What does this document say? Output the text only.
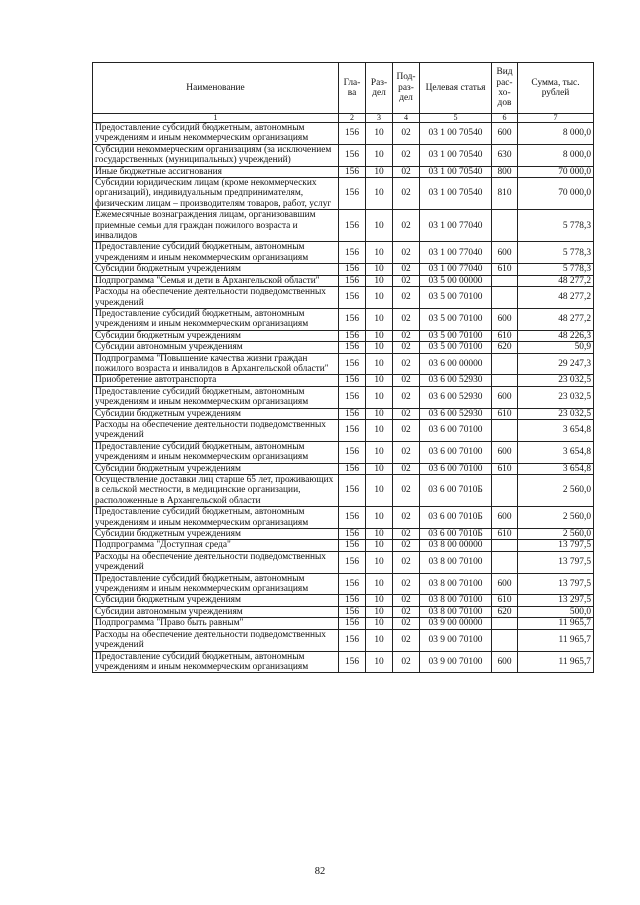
Наименование	Гла-ва	Раз-дел	Под-раз-дел	Целевая статья	Вид рас-хо-дов	Сумма, тыс. рублей
1	2	3	4	5	6	7
Предоставление субсидий бюджетным, автономным учреждениям и иным некоммерческим организациям	156	10	02	03 1 00 70540	600	8 000,0
Субсидии некоммерческим организациям (за исключением государственных (муниципальных) учреждений)	156	10	02	03 1 00 70540	630	8 000,0
Иные бюджетные ассигнования	156	10	02	03 1 00 70540	800	70 000,0
Субсидии юридическим лицам (кроме некоммерческих организаций), индивидуальным предпринимателям, физическим лицам – производителям товаров, работ, услуг	156	10	02	03 1 00 70540	810	70 000,0
Ежемесячные вознаграждения лицам, организовавшим приемные семьи для граждан пожилого возраста и инвалидов	156	10	02	03 1 00 77040		5 778,3
Предоставление субсидий бюджетным, автономным учреждениям и иным некоммерческим организациям	156	10	02	03 1 00 77040	600	5 778,3
Субсидии бюджетным учреждениям	156	10	02	03 1 00 77040	610	5 778,3
Подпрограмма "Семья и дети в Архангельской области"	156	10	02	03 5 00 00000		48 277,2
Расходы на обеспечение деятельности подведомственных учреждений	156	10	02	03 5 00 70100		48 277,2
Предоставление субсидий бюджетным, автономным учреждениям и иным некоммерческим организациям	156	10	02	03 5 00 70100	600	48 277,2
Субсидии бюджетным учреждениям	156	10	02	03 5 00 70100	610	48 226,3
Субсидии автономным учреждениям	156	10	02	03 5 00 70100	620	50,9
Подпрограмма "Повышение качества жизни граждан пожилого возраста и инвалидов в Архангельской области"	156	10	02	03 6 00 00000		29 247,3
Приобретение автотранспорта	156	10	02	03 6 00 52930		23 032,5
Предоставление субсидий бюджетным, автономным учреждениям и иным некоммерческим организациям	156	10	02	03 6 00 52930	600	23 032,5
Субсидии бюджетным учреждениям	156	10	02	03 6 00 52930	610	23 032,5
Расходы на обеспечение деятельности подведомственных учреждений	156	10	02	03 6 00 70100		3 654,8
Предоставление субсидий бюджетным, автономным учреждениям и иным некоммерческим организациям	156	10	02	03 6 00 70100	600	3 654,8
Субсидии бюджетным учреждениям	156	10	02	03 6 00 70100	610	3 654,8
Осуществление доставки лиц старше 65 лет, проживающих в сельской местности, в медицинские организации, расположенные в Архангельской области	156	10	02	03 6 00 7010Б		2 560,0
Предоставление субсидий бюджетным, автономным учреждениям и иным некоммерческим организациям	156	10	02	03 6 00 7010Б	600	2 560,0
Субсидии бюджетным учреждениям	156	10	02	03 6 00 7010Б	610	2 560,0
Подпрограмма "Доступная среда"	156	10	02	03 8 00 00000		13 797,5
Расходы на обеспечение деятельности подведомственных учреждений	156	10	02	03 8 00 70100		13 797,5
Предоставление субсидий бюджетным, автономным учреждениям и иным некоммерческим организациям	156	10	02	03 8 00 70100	600	13 797,5
Субсидии бюджетным учреждениям	156	10	02	03 8 00 70100	610	13 297,5
Субсидии автономным учреждениям	156	10	02	03 8 00 70100	620	500,0
Подпрограмма "Право быть равным"	156	10	02	03 9 00 00000		11 965,7
Расходы на обеспечение деятельности подведомственных учреждений	156	10	02	03 9 00 70100		11 965,7
Предоставление субсидий бюджетным, автономным учреждениям и иным некоммерческим организациям	156	10	02	03 9 00 70100	600	11 965,7
82
